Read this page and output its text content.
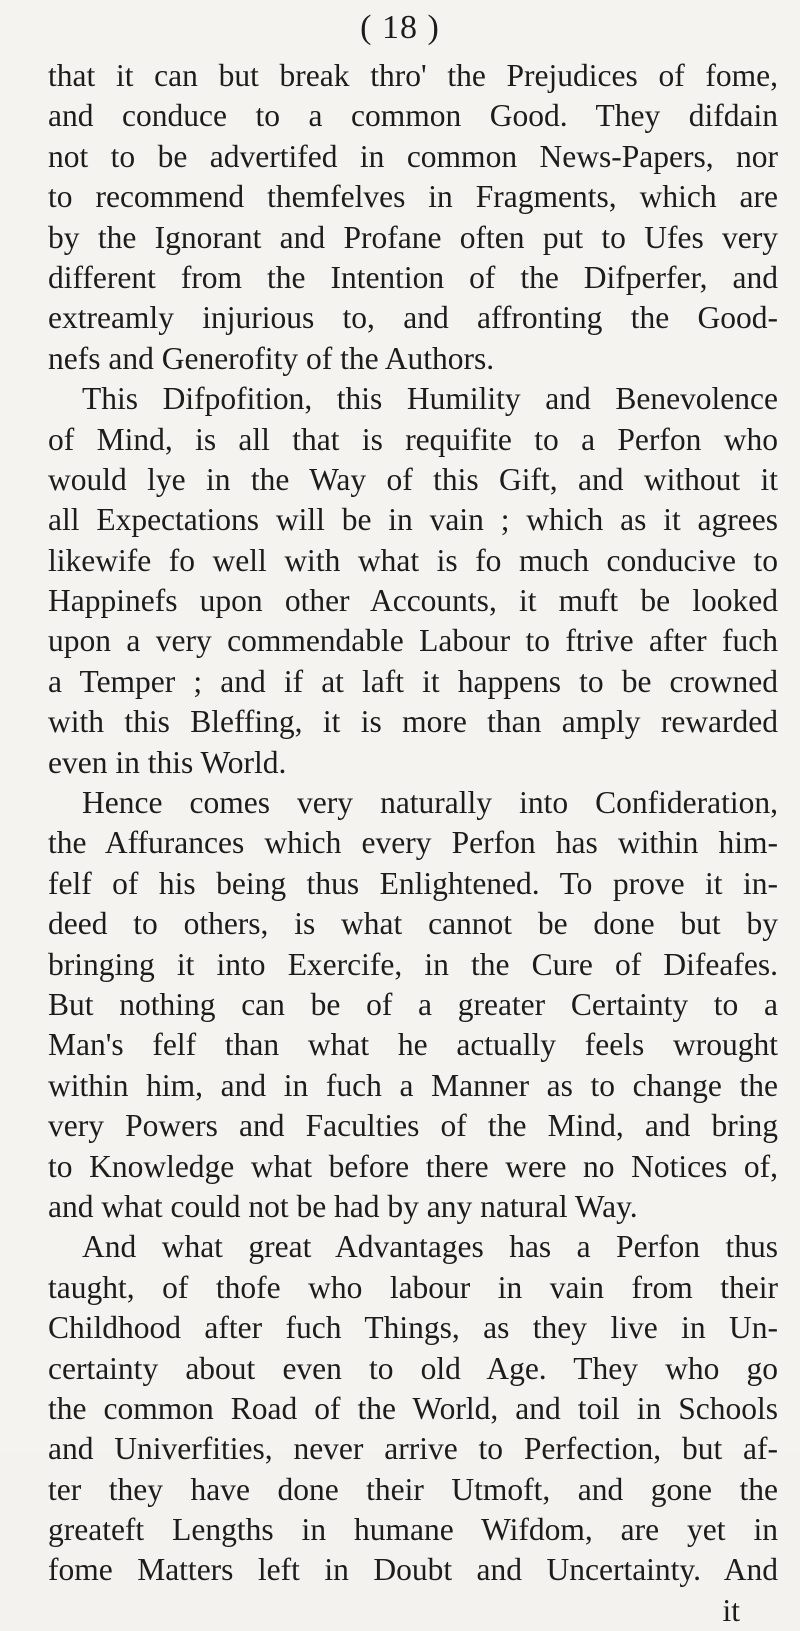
( 18 )
that it can but break thro' the Prejudices of fome,
and conduce to a common Good. They difdain
not to be advertifed in common News-Papers, nor
to recommend themfelves in Fragments, which are
by the Ignorant and Profane often put to Ufes very
different from the Intention of the Difperfer, and
extreamly injurious to, and affronting the Good-
nefs and Generofity of the Authors.
This Difpofition, this Humility and Benevolence
of Mind, is all that is requifite to a Perfon who
would lye in the Way of this Gift, and without it
all Expectations will be in vain ; which as it agrees
likewife fo well with what is fo much conducive to
Happinefs upon other Accounts, it muft be looked
upon a very commendable Labour to ftrive after fuch
a Temper ; and if at laft it happens to be crowned
with this Bleffing, it is more than amply rewarded
even in this World.
Hence comes very naturally into Confideration,
the Affurances which every Perfon has within him-
felf of his being thus Enlightened. To prove it in-
deed to others, is what cannot be done but by
bringing it into Exercife, in the Cure of Difeafes.
But nothing can be of a greater Certainty to a
Man's felf than what he actually feels wrought
within him, and in fuch a Manner as to change the
very Powers and Faculties of the Mind, and bring
to Knowledge what before there were no Notices of,
and what could not be had by any natural Way.
And what great Advantages has a Perfon thus
taught, of thofe who labour in vain from their
Childhood after fuch Things, as they live in Un-
certainty about even to old Age. They who go
the common Road of the World, and toil in Schools
and Univerfities, never arrive to Perfection, but af-
ter they have done their Utmoft, and gone the
greateft Lengths in humane Wifdom, are yet in
fome Matters left in Doubt and Uncertainty. And
it
